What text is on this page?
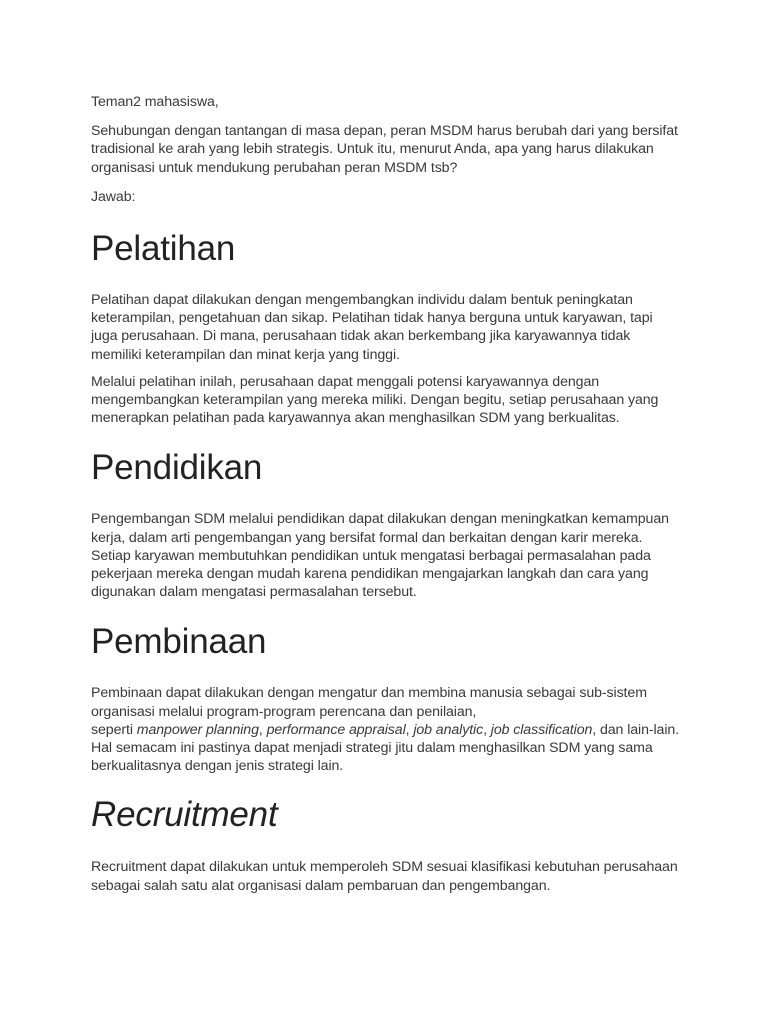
Teman2 mahasiswa,

Sehubungan dengan tantangan di masa depan, peran MSDM harus berubah dari yang bersifat tradisional ke arah yang lebih strategis. Untuk itu, menurut Anda, apa yang harus dilakukan organisasi untuk mendukung perubahan peran MSDM tsb?

Jawab:

Pelatihan

Pelatihan dapat dilakukan dengan mengembangkan individu dalam bentuk peningkatan keterampilan, pengetahuan dan sikap. Pelatihan tidak hanya berguna untuk karyawan, tapi juga perusahaan. Di mana, perusahaan tidak akan berkembang jika karyawannya tidak memiliki keterampilan dan minat kerja yang tinggi.

Melalui pelatihan inilah, perusahaan dapat menggali potensi karyawannya dengan mengembangkan keterampilan yang mereka miliki. Dengan begitu, setiap perusahaan yang menerapkan pelatihan pada karyawannya akan menghasilkan SDM yang berkualitas.

Pendidikan

Pengembangan SDM melalui pendidikan dapat dilakukan dengan meningkatkan kemampuan kerja, dalam arti pengembangan yang bersifat formal dan berkaitan dengan karir mereka. Setiap karyawan membutuhkan pendidikan untuk mengatasi berbagai permasalahan pada pekerjaan mereka dengan mudah karena pendidikan mengajarkan langkah dan cara yang digunakan dalam mengatasi permasalahan tersebut.

Pembinaan

Pembinaan dapat dilakukan dengan mengatur dan membina manusia sebagai sub-sistem organisasi melalui program-program perencana dan penilaian,
seperti manpower planning, performance appraisal, job analytic, job classification, dan lain-lain. Hal semacam ini pastinya dapat menjadi strategi jitu dalam menghasilkan SDM yang sama berkualitasnya dengan jenis strategi lain.

Recruitment

Recruitment dapat dilakukan untuk memperoleh SDM sesuai klasifikasi kebutuhan perusahaan sebagai salah satu alat organisasi dalam pembaruan dan pengembangan.
